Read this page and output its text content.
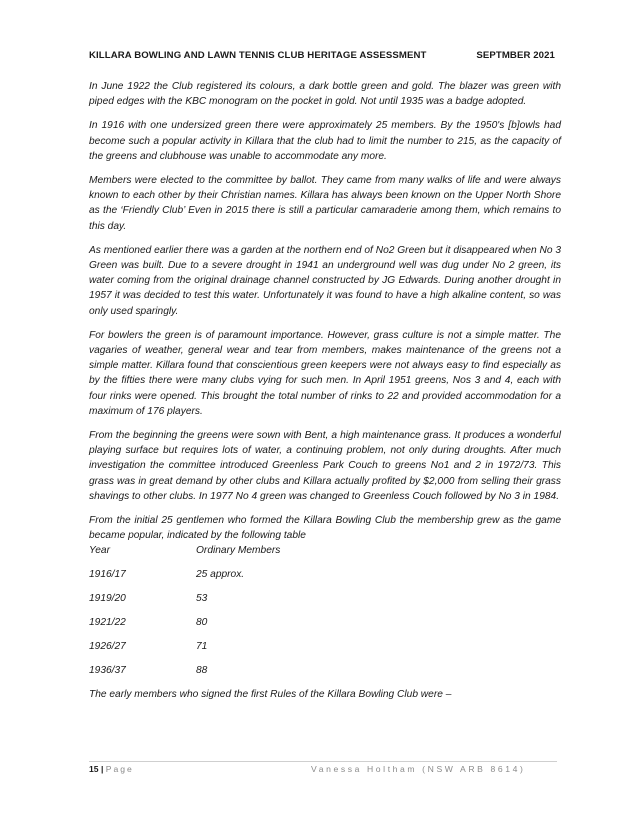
KILLARA BOWLING AND LAWN TENNIS CLUB HERITAGE ASSESSMENT	SEPTMBER 2021

In June 1922 the Club registered its colours, a dark bottle green and gold. The blazer was green with piped edges with the KBC monogram on the pocket in gold. Not until 1935 was a badge adopted.

In 1916 with one undersized green there were approximately 25 members. By the 1950's [b]owls had become such a popular activity in Killara that the club had to limit the number to 215, as the capacity of the greens and clubhouse was unable to accommodate any more.

Members were elected to the committee by ballot. They came from many walks of life and were always known to each other by their Christian names. Killara has always been known on the Upper North Shore as the ‘Friendly Club’ Even in 2015 there is still a particular camaraderie among them, which remains to this day.

As mentioned earlier there was a garden at the northern end of No2 Green but it disappeared when No 3 Green was built. Due to a severe drought in 1941 an underground well was dug under No 2 green, its water coming from the original drainage channel constructed by JG Edwards. During another drought in 1957 it was decided to test this water. Unfortunately it was found to have a high alkaline content, so was only used sparingly.

For bowlers the green is of paramount importance. However, grass culture is not a simple matter. The vagaries of weather, general wear and tear from members, makes maintenance of the greens not a simple matter. Killara found that conscientious green keepers were not always easy to find especially as by the fifties there were many clubs vying for such men. In April 1951 greens, Nos 3 and 4, each with four rinks were opened. This brought the total number of rinks to 22 and provided accommodation for a maximum of 176 players.

From the beginning the greens were sown with Bent, a high maintenance grass. It produces a wonderful playing surface but requires lots of water, a continuing problem, not only during droughts. After much investigation the committee introduced Greenless Park Couch to greens No1 and 2 in 1972/73. This grass was in great demand by other clubs and Killara actually profited by $2,000 from selling their grass shavings to other clubs. In 1977 No 4 green was changed to Greenless Couch followed by No 3 in 1984.

From the initial 25 gentlemen who formed the Killara Bowling Club the membership grew as the game became popular, indicated by the following table

Year	Ordinary Members
1916/17	25 approx.
1919/20	53
1921/22	80
1926/27	71
1936/37	88
The early members who signed the first Rules of the Killara Bowling Club were –
15 | Page	Vanessa Holtham (NSW ARB 8614)
